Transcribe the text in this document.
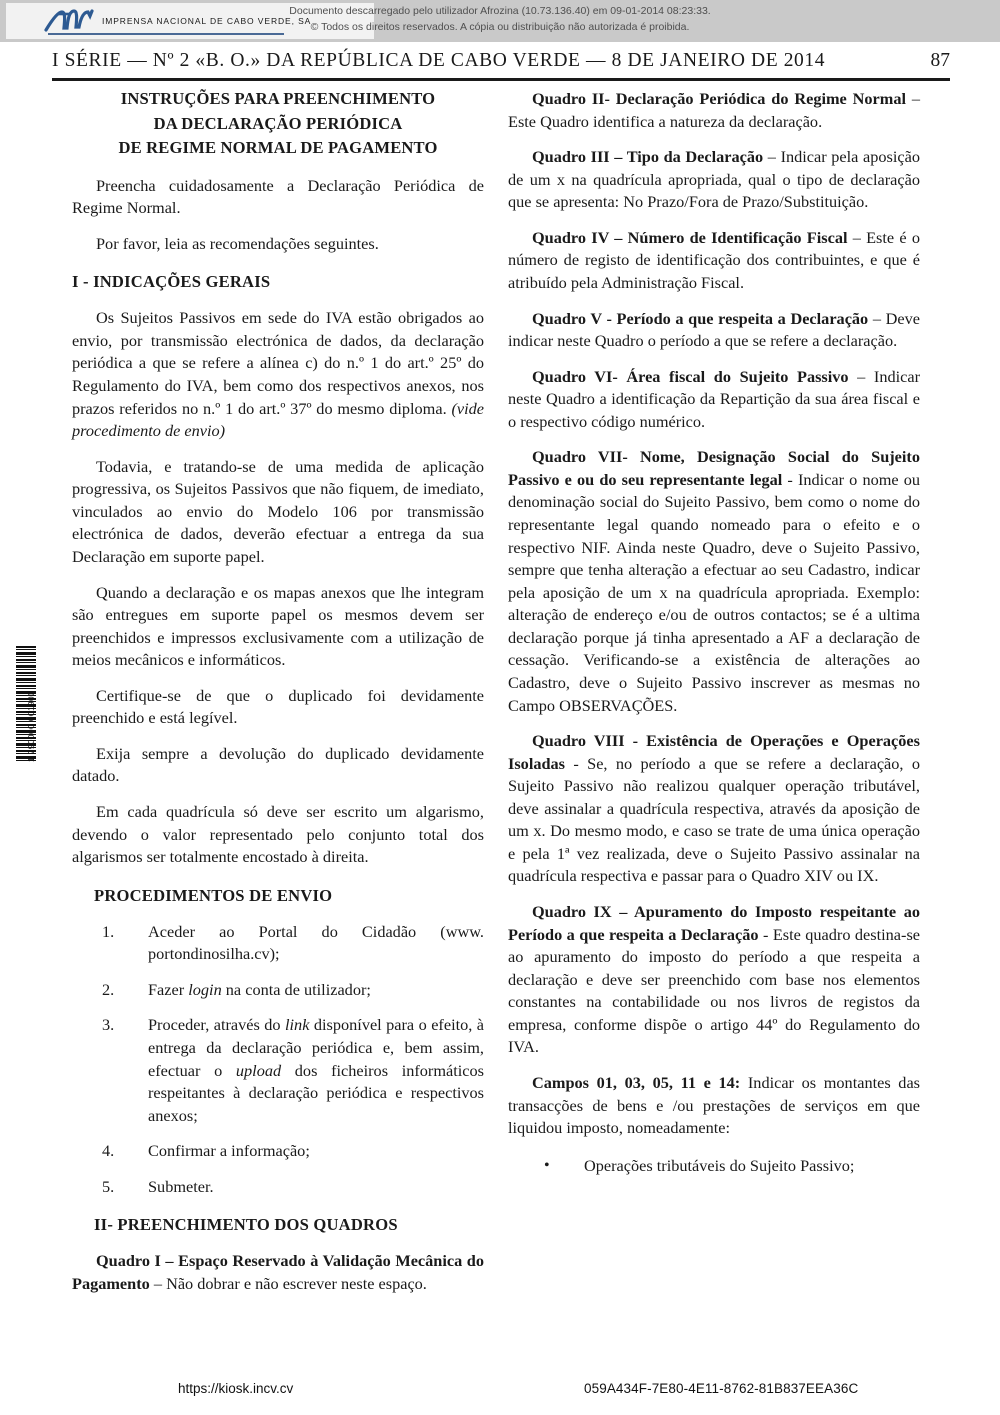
IMPRENSA NACIONAL DE CABO VERDE, SA
Documento descarregado pelo utilizador Afrozina (10.73.136.40) em 09-01-2014 08:23:33.
© Todos os direitos reservados. A cópia ou distribuição não autorizada é proibida.
I SÉRIE — Nº 2 «B. O.» DA REPÚBLICA DE CABO VERDE — 8 DE JANEIRO DE 2014	87
1 790000 001900
INSTRUÇÕES PARA PREENCHIMENTO
DA DECLARAÇÃO PERIÓDICA
DE REGIME NORMAL DE PAGAMENTO

Preencha cuidadosamente a Declaração Periódica de Regime Normal.

Por favor, leia as recomendações seguintes.

I - INDICAÇÕES GERAIS

Os Sujeitos Passivos em sede do IVA estão obrigados ao envio, por transmissão electrónica de dados, da declaração periódica a que se refere a alínea c) do n.º 1 do art.º 25º do Regulamento do IVA, bem como dos respectivos anexos, nos prazos referidos no n.º 1 do art.º 37º do mesmo diploma. (vide procedimento de envio)

Todavia, e tratando-se de uma medida de aplicação progressiva, os Sujeitos Passivos que não fiquem, de imediato, vinculados ao envio do Modelo 106 por transmissão electrónica de dados, deverão efectuar a entrega da sua Declaração em suporte papel.

Quando a declaração e os mapas anexos que lhe integram são entregues em suporte papel os mesmos devem ser preenchidos e impressos exclusivamente com a utilização de meios mecânicos e informáticos.

Certifique-se de que o duplicado foi devidamente preenchido e está legível.

Exija sempre a devolução do duplicado devidamente datado.

Em cada quadrícula só deve ser escrito um algarismo, devendo o valor representado pelo conjunto total dos algarismos ser totalmente encostado à direita.

PROCEDIMENTOS DE ENVIO
Aceder ao Portal do Cidadão (www. portondinosilha.cv);
Fazer login na conta de utilizador;
Proceder, através do link disponível para o efeito, à entrega da declaração periódica e, bem assim, efectuar o upload dos ficheiros informáticos respeitantes à declaração periódica e respectivos anexos;
Confirmar a informação;
Submeter.
II- PREENCHIMENTO DOS QUADROS

Quadro I – Espaço Reservado à Validação Mecânica do Pagamento – Não dobrar e não escrever neste espaço.

Quadro II- Declaração Periódica do Regime Normal – Este Quadro identifica a natureza da declaração.

Quadro III – Tipo da Declaração – Indicar pela aposição de um x na quadrícula apropriada, qual o tipo de declaração que se apresenta: No Prazo/Fora de Prazo/Substituição.

Quadro IV – Número de Identificação Fiscal – Este é o número de registo de identificação dos contribuintes, e que é atribuído pela Administração Fiscal.

Quadro V - Período a que respeita a Declaração – Deve indicar neste Quadro o período a que se refere a declaração.

Quadro VI- Área fiscal do Sujeito Passivo – Indicar neste Quadro a identificação da Repartição da sua área fiscal e o respectivo código numérico.

Quadro VII- Nome, Designação Social do Sujeito Passivo e ou do seu representante legal - Indicar o nome ou denominação social do Sujeito Passivo, bem como o nome do representante legal quando nomeado para o efeito e o respectivo NIF. Ainda neste Quadro, deve o Sujeito Passivo, sempre que tenha alteração a efectuar ao seu Cadastro, indicar pela aposição de um x na quadrícula apropriada. Exemplo: alteração de endereço e/ou de outros contactos; se é a ultima declaração porque já tinha apresentado a AF a declaração de cessação. Verificando-se a existência de alterações ao Cadastro, deve o Sujeito Passivo inscrever as mesmas no Campo OBSERVAÇÕES.

Quadro VIII - Existência de Operações e Operações Isoladas - Se, no período a que se refere a declaração, o Sujeito Passivo não realizou qualquer operação tributável, deve assinalar a quadrícula respectiva, através da aposição de um x. Do mesmo modo, e caso se trate de uma única operação e pela 1ª vez realizada, deve o Sujeito Passivo assinalar na quadrícula respectiva e passar para o Quadro XIV ou IX.

Quadro IX – Apuramento do Imposto respeitante ao Período a que respeita a Declaração - Este quadro destina-se ao apuramento do imposto do período a que respeita a declaração e deve ser preenchido com base nos elementos constantes na contabilidade ou nos livros de registos da empresa, conforme dispõe o artigo 44º do Regulamento do IVA.

Campos 01, 03, 05, 11 e 14: Indicar os montantes das transacções de bens e /ou prestações de serviços em que liquidou imposto, nomeadamente:

• Operações tributáveis do Sujeito Passivo;
https://kiosk.incv.cv	059A434F-7E80-4E11-8762-81B837EEA36C
